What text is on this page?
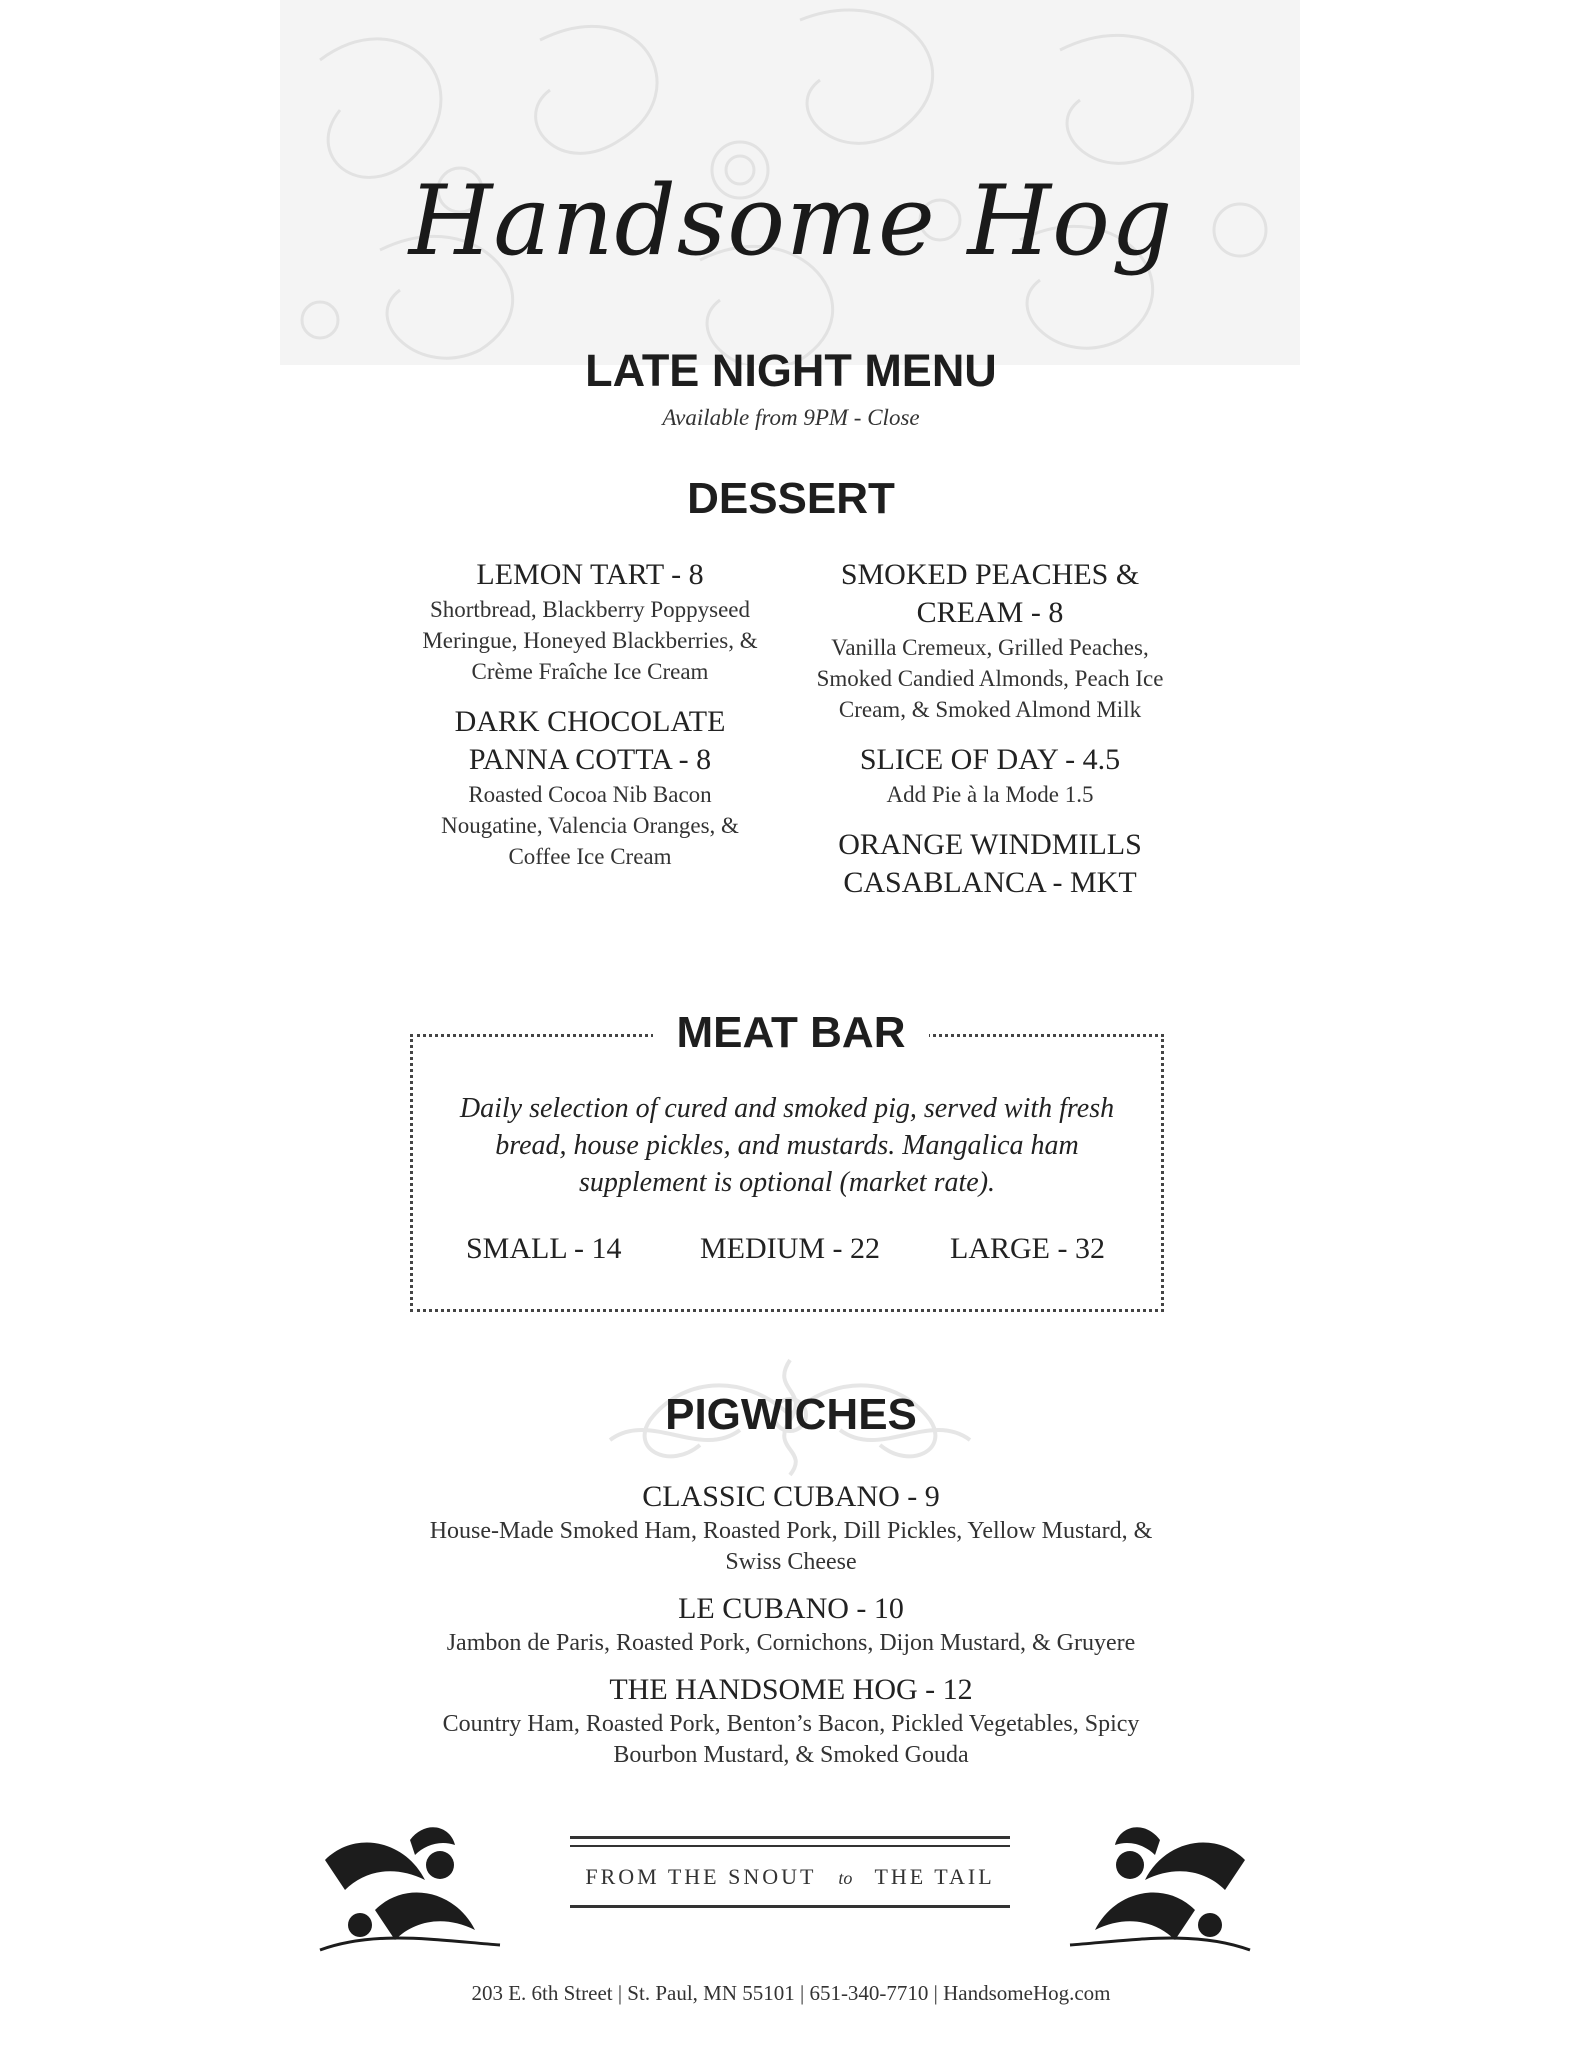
Handsome Hog
LATE NIGHT MENU
Available from 9PM - Close
DESSERT
LEMON TART - 8
Shortbread, Blackberry Poppyseed Meringue, Honeyed Blackberries, & Crème Fraîche Ice Cream
DARK CHOCOLATE PANNA COTTA - 8
Roasted Cocoa Nib Bacon Nougatine, Valencia Oranges, & Coffee Ice Cream
SMOKED PEACHES & CREAM - 8
Vanilla Cremeux, Grilled Peaches, Smoked Candied Almonds, Peach Ice Cream, & Smoked Almond Milk
SLICE OF DAY - 4.5
Add Pie à la Mode 1.5
ORANGE WINDMILLS CASABLANCA - MKT
MEAT BAR
Daily selection of cured and smoked pig, served with fresh bread, house pickles, and mustards. Mangalica ham supplement is optional (market rate).
SMALL - 14	MEDIUM - 22 LARGE - 32
PIGWICHES
CLASSIC CUBANO - 9
House-Made Smoked Ham, Roasted Pork, Dill Pickles, Yellow Mustard, & Swiss Cheese
LE CUBANO - 10
Jambon de Paris, Roasted Pork, Cornichons, Dijon Mustard, & Gruyere
THE HANDSOME HOG - 12
Country Ham, Roasted Pork, Benton’s Bacon, Pickled Vegetables, Spicy Bourbon Mustard, & Smoked Gouda
FROM THE SNOUT to THE TAIL
203 E. 6th Street | St. Paul, MN 55101 | 651-340-7710 | HandsomeHog.com
